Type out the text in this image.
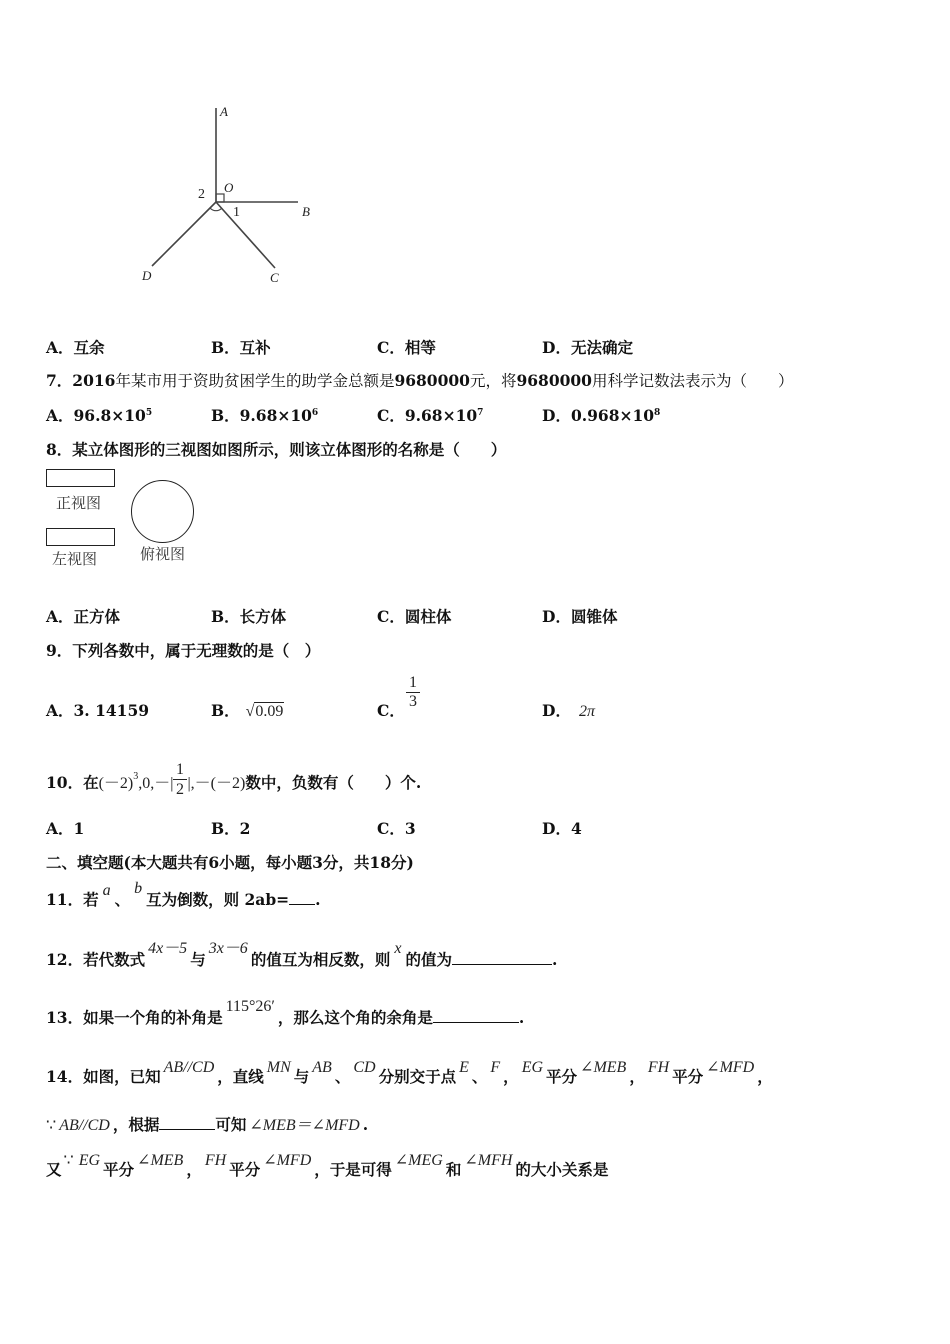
A
O
B
C
D
2
1
A．互余	B．互补	C．相等	D．无法确定
7．2016年某市用于资助贫困学生的助学金总额是9680000元，将9680000用科学记数法表示为（　　）
A．$96.8\times 10^5$	B．$9.68\times 10^6$	C．$9.68\times 10^7$	D．$0.968\times 10^8$
8．某立体图形的三视图如图所示，则该立体图形的名称是（　　）
正视图
左视图	俯视图
A．正方体	B．长方体	C．圆柱体	D．圆锥体
9．下列各数中，属于无理数的是（　）
A．3. 14159	B． √0.09	C．
1
3	D． 2π
10．在$(-2)^3,0,-|$ |,－(－2)数中，负数有（　　）个.
1
2
A．1	B．2	C．3	D．4
二、填空题(本大题共有6小题，每小题3分，共18分)
11．若 a 、b互为倒数，则 2ab= .
12．若代数式4x－5与3x－6的值互为相反数，则x的值为	.
13．如果一个角的补角是115°26′，那么这个角的余角是	.
14．如图，已知 AB//CD ，直线 MN 与 AB 、 CD 分别交于点 E 、 F ， EG 平分 ∠MEB ， FH 平分 ∠MFD ，
∵ AB//CD ，根据	可知 ∠MEB＝∠MFD .
又 ∵ EG 平分 ∠MEB ， FH 平分 ∠MFD ，于是可得 ∠MEG 和 ∠MFH 的大小关系是
